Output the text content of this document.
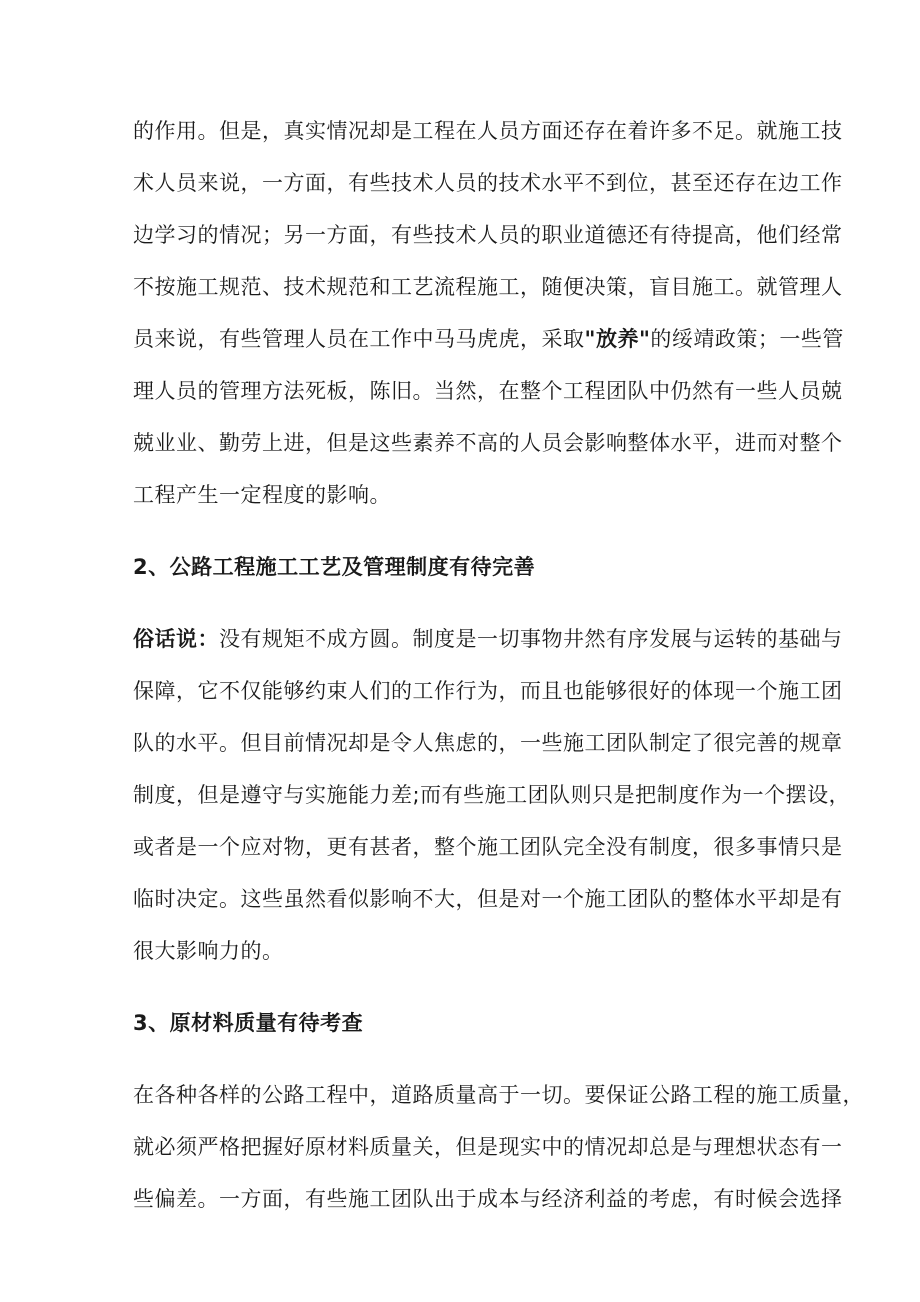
的作用。但是，真实情况却是工程在人员方面还存在着许多不足。就施工技
术人员来说，一方面，有些技术人员的技术水平不到位，甚至还存在边工作
边学习的情况；另一方面，有些技术人员的职业道德还有待提高，他们经常
不按施工规范、技术规范和工艺流程施工，随便决策，盲目施工。就管理人
员来说，有些管理人员在工作中马马虎虎，采取"放养"的绥靖政策；一些管
理人员的管理方法死板，陈旧。当然，在整个工程团队中仍然有一些人员兢
兢业业、勤劳上进，但是这些素养不高的人员会影响整体水平，进而对整个
工程产生一定程度的影响。
2、公路工程施工工艺及管理制度有待完善
俗话说：没有规矩不成方圆。制度是一切事物井然有序发展与运转的基础与
保障，它不仅能够约束人们的工作行为，而且也能够很好的体现一个施工团
队的水平。但目前情况却是令人焦虑的，一些施工团队制定了很完善的规章
制度，但是遵守与实施能力差;而有些施工团队则只是把制度作为一个摆设，
或者是一个应对物，更有甚者，整个施工团队完全没有制度，很多事情只是
临时决定。这些虽然看似影响不大，但是对一个施工团队的整体水平却是有
很大影响力的。
3、原材料质量有待考查
在各种各样的公路工程中，道路质量高于一切。要保证公路工程的施工质量，
就必须严格把握好原材料质量关，但是现实中的情况却总是与理想状态有一
些偏差。一方面，有些施工团队出于成本与经济利益的考虑，有时候会选择
